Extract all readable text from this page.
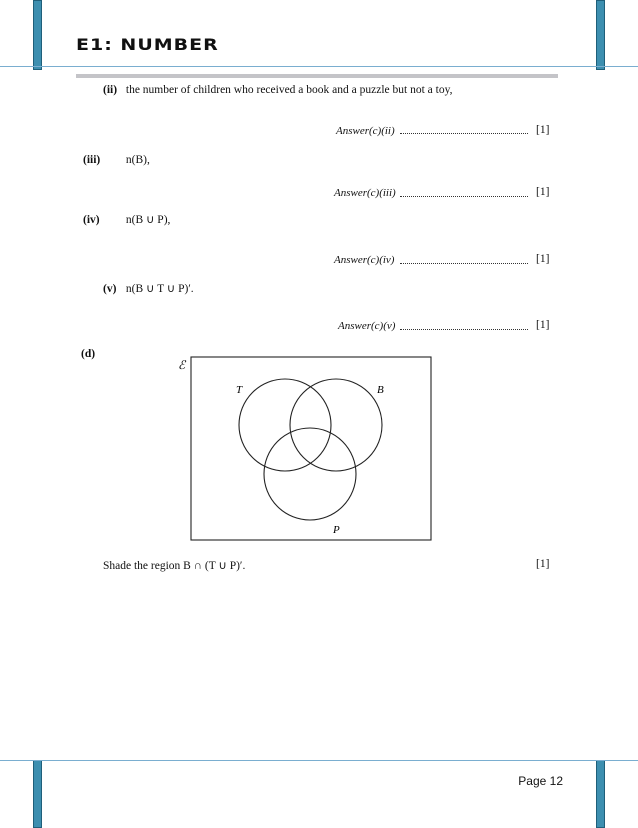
E1: NUMBER
(ii) the number of children who received a book and a puzzle but not a toy,
Answer(c)(ii)	[1]
(iii) n(B),
Answer(c)(iii)	[1]
(iv) n(B ∪ P),
Answer(c)(iv)	[1]
(v) n(B ∪ T ∪ P)′.
Answer(c)(v)	[1]
(d)
ℰ
T	B
P
Shade the region B ∩ (T ∪ P)′.	[1]
Page 12
